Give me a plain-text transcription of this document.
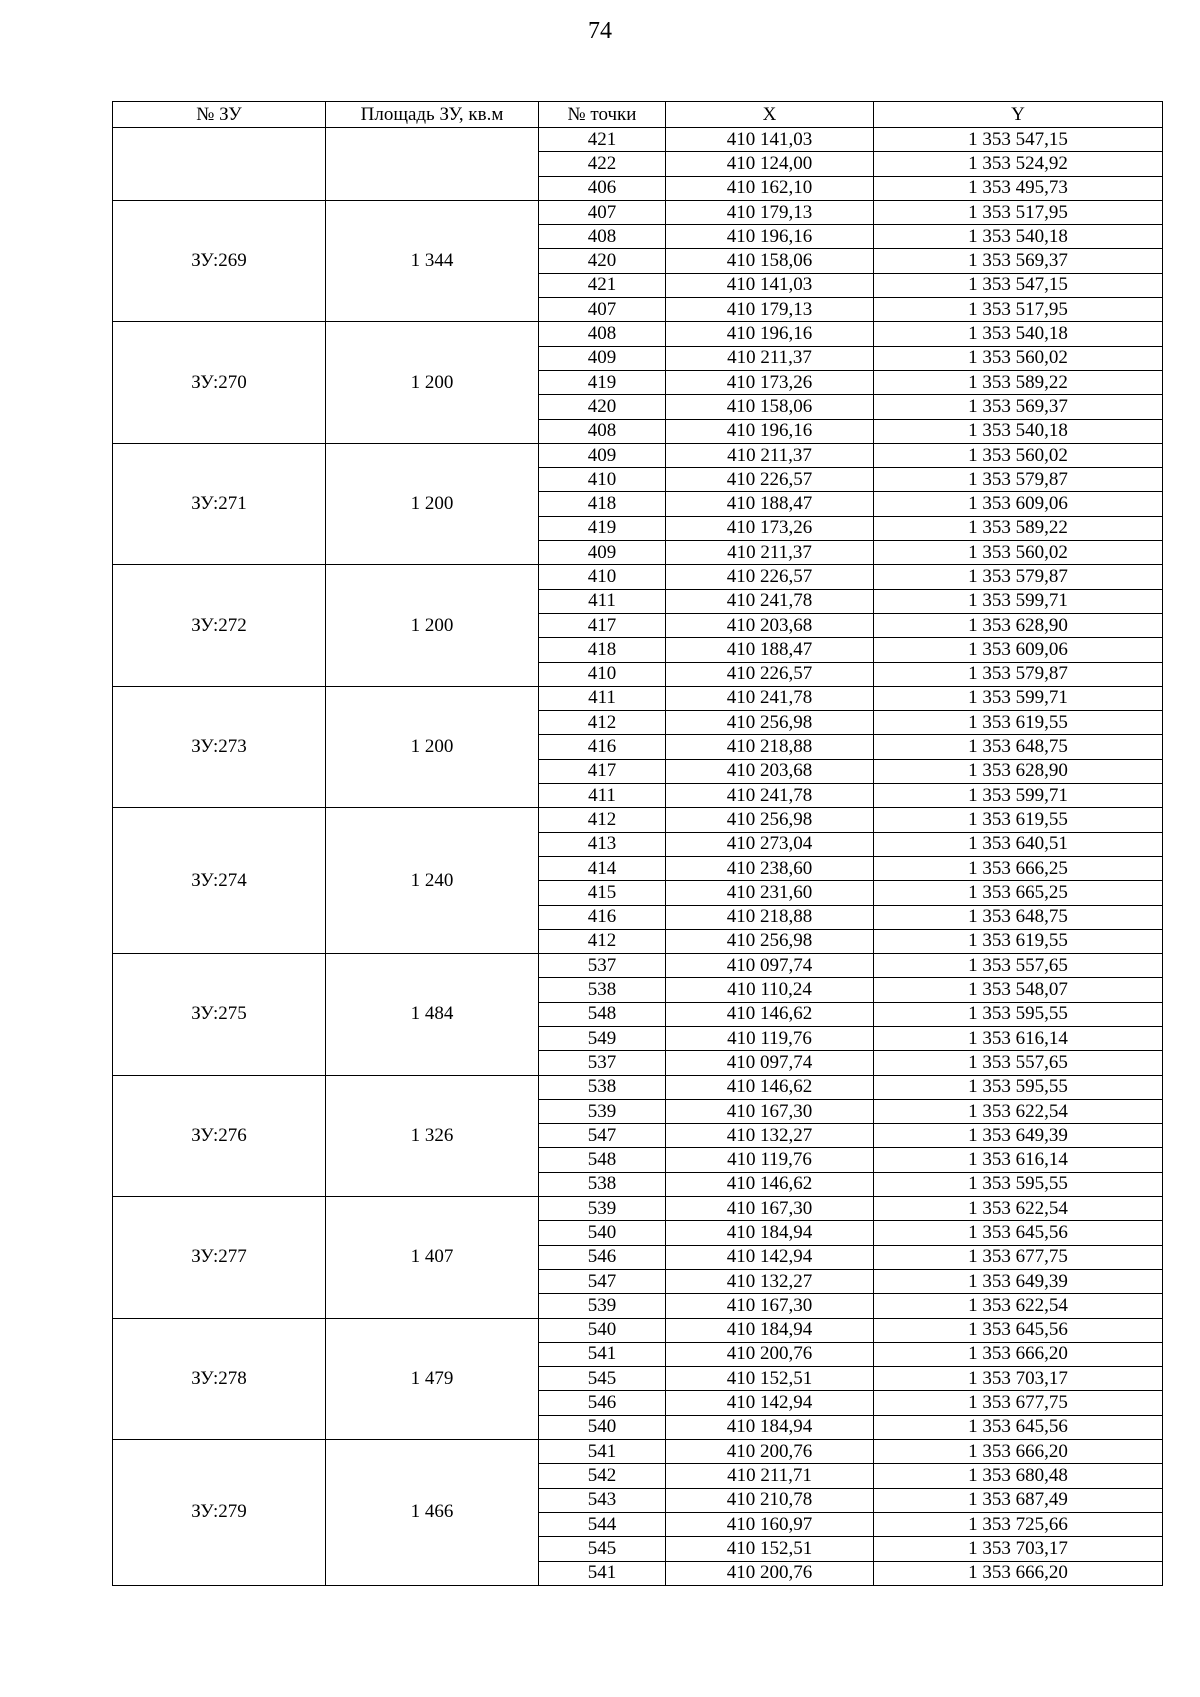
74
№ ЗУ	Площадь ЗУ, кв.м	№ точки	X	Y
		421	410 141,03	1 353 547,15
		422	410 124,00	1 353 524,92
		406	410 162,10	1 353 495,73
ЗУ:269	1 344	407	410 179,13	1 353 517,95
		408	410 196,16	1 353 540,18
		420	410 158,06	1 353 569,37
		421	410 141,03	1 353 547,15
		407	410 179,13	1 353 517,95
ЗУ:270	1 200	408	410 196,16	1 353 540,18
		409	410 211,37	1 353 560,02
		419	410 173,26	1 353 589,22
		420	410 158,06	1 353 569,37
		408	410 196,16	1 353 540,18
ЗУ:271	1 200	409	410 211,37	1 353 560,02
		410	410 226,57	1 353 579,87
		418	410 188,47	1 353 609,06
		419	410 173,26	1 353 589,22
		409	410 211,37	1 353 560,02
ЗУ:272	1 200	410	410 226,57	1 353 579,87
		411	410 241,78	1 353 599,71
		417	410 203,68	1 353 628,90
		418	410 188,47	1 353 609,06
		410	410 226,57	1 353 579,87
ЗУ:273	1 200	411	410 241,78	1 353 599,71
		412	410 256,98	1 353 619,55
		416	410 218,88	1 353 648,75
		417	410 203,68	1 353 628,90
		411	410 241,78	1 353 599,71
ЗУ:274	1 240	412	410 256,98	1 353 619,55
		413	410 273,04	1 353 640,51
		414	410 238,60	1 353 666,25
		415	410 231,60	1 353 665,25
		416	410 218,88	1 353 648,75
		412	410 256,98	1 353 619,55
ЗУ:275	1 484	537	410 097,74	1 353 557,65
		538	410 110,24	1 353 548,07
		548	410 146,62	1 353 595,55
		549	410 119,76	1 353 616,14
		537	410 097,74	1 353 557,65
ЗУ:276	1 326	538	410 146,62	1 353 595,55
		539	410 167,30	1 353 622,54
		547	410 132,27	1 353 649,39
		548	410 119,76	1 353 616,14
		538	410 146,62	1 353 595,55
ЗУ:277	1 407	539	410 167,30	1 353 622,54
		540	410 184,94	1 353 645,56
		546	410 142,94	1 353 677,75
		547	410 132,27	1 353 649,39
		539	410 167,30	1 353 622,54
ЗУ:278	1 479	540	410 184,94	1 353 645,56
		541	410 200,76	1 353 666,20
		545	410 152,51	1 353 703,17
		546	410 142,94	1 353 677,75
		540	410 184,94	1 353 645,56
ЗУ:279	1 466	541	410 200,76	1 353 666,20
		542	410 211,71	1 353 680,48
		543	410 210,78	1 353 687,49
		544	410 160,97	1 353 725,66
		545	410 152,51	1 353 703,17
		541	410 200,76	1 353 666,20
